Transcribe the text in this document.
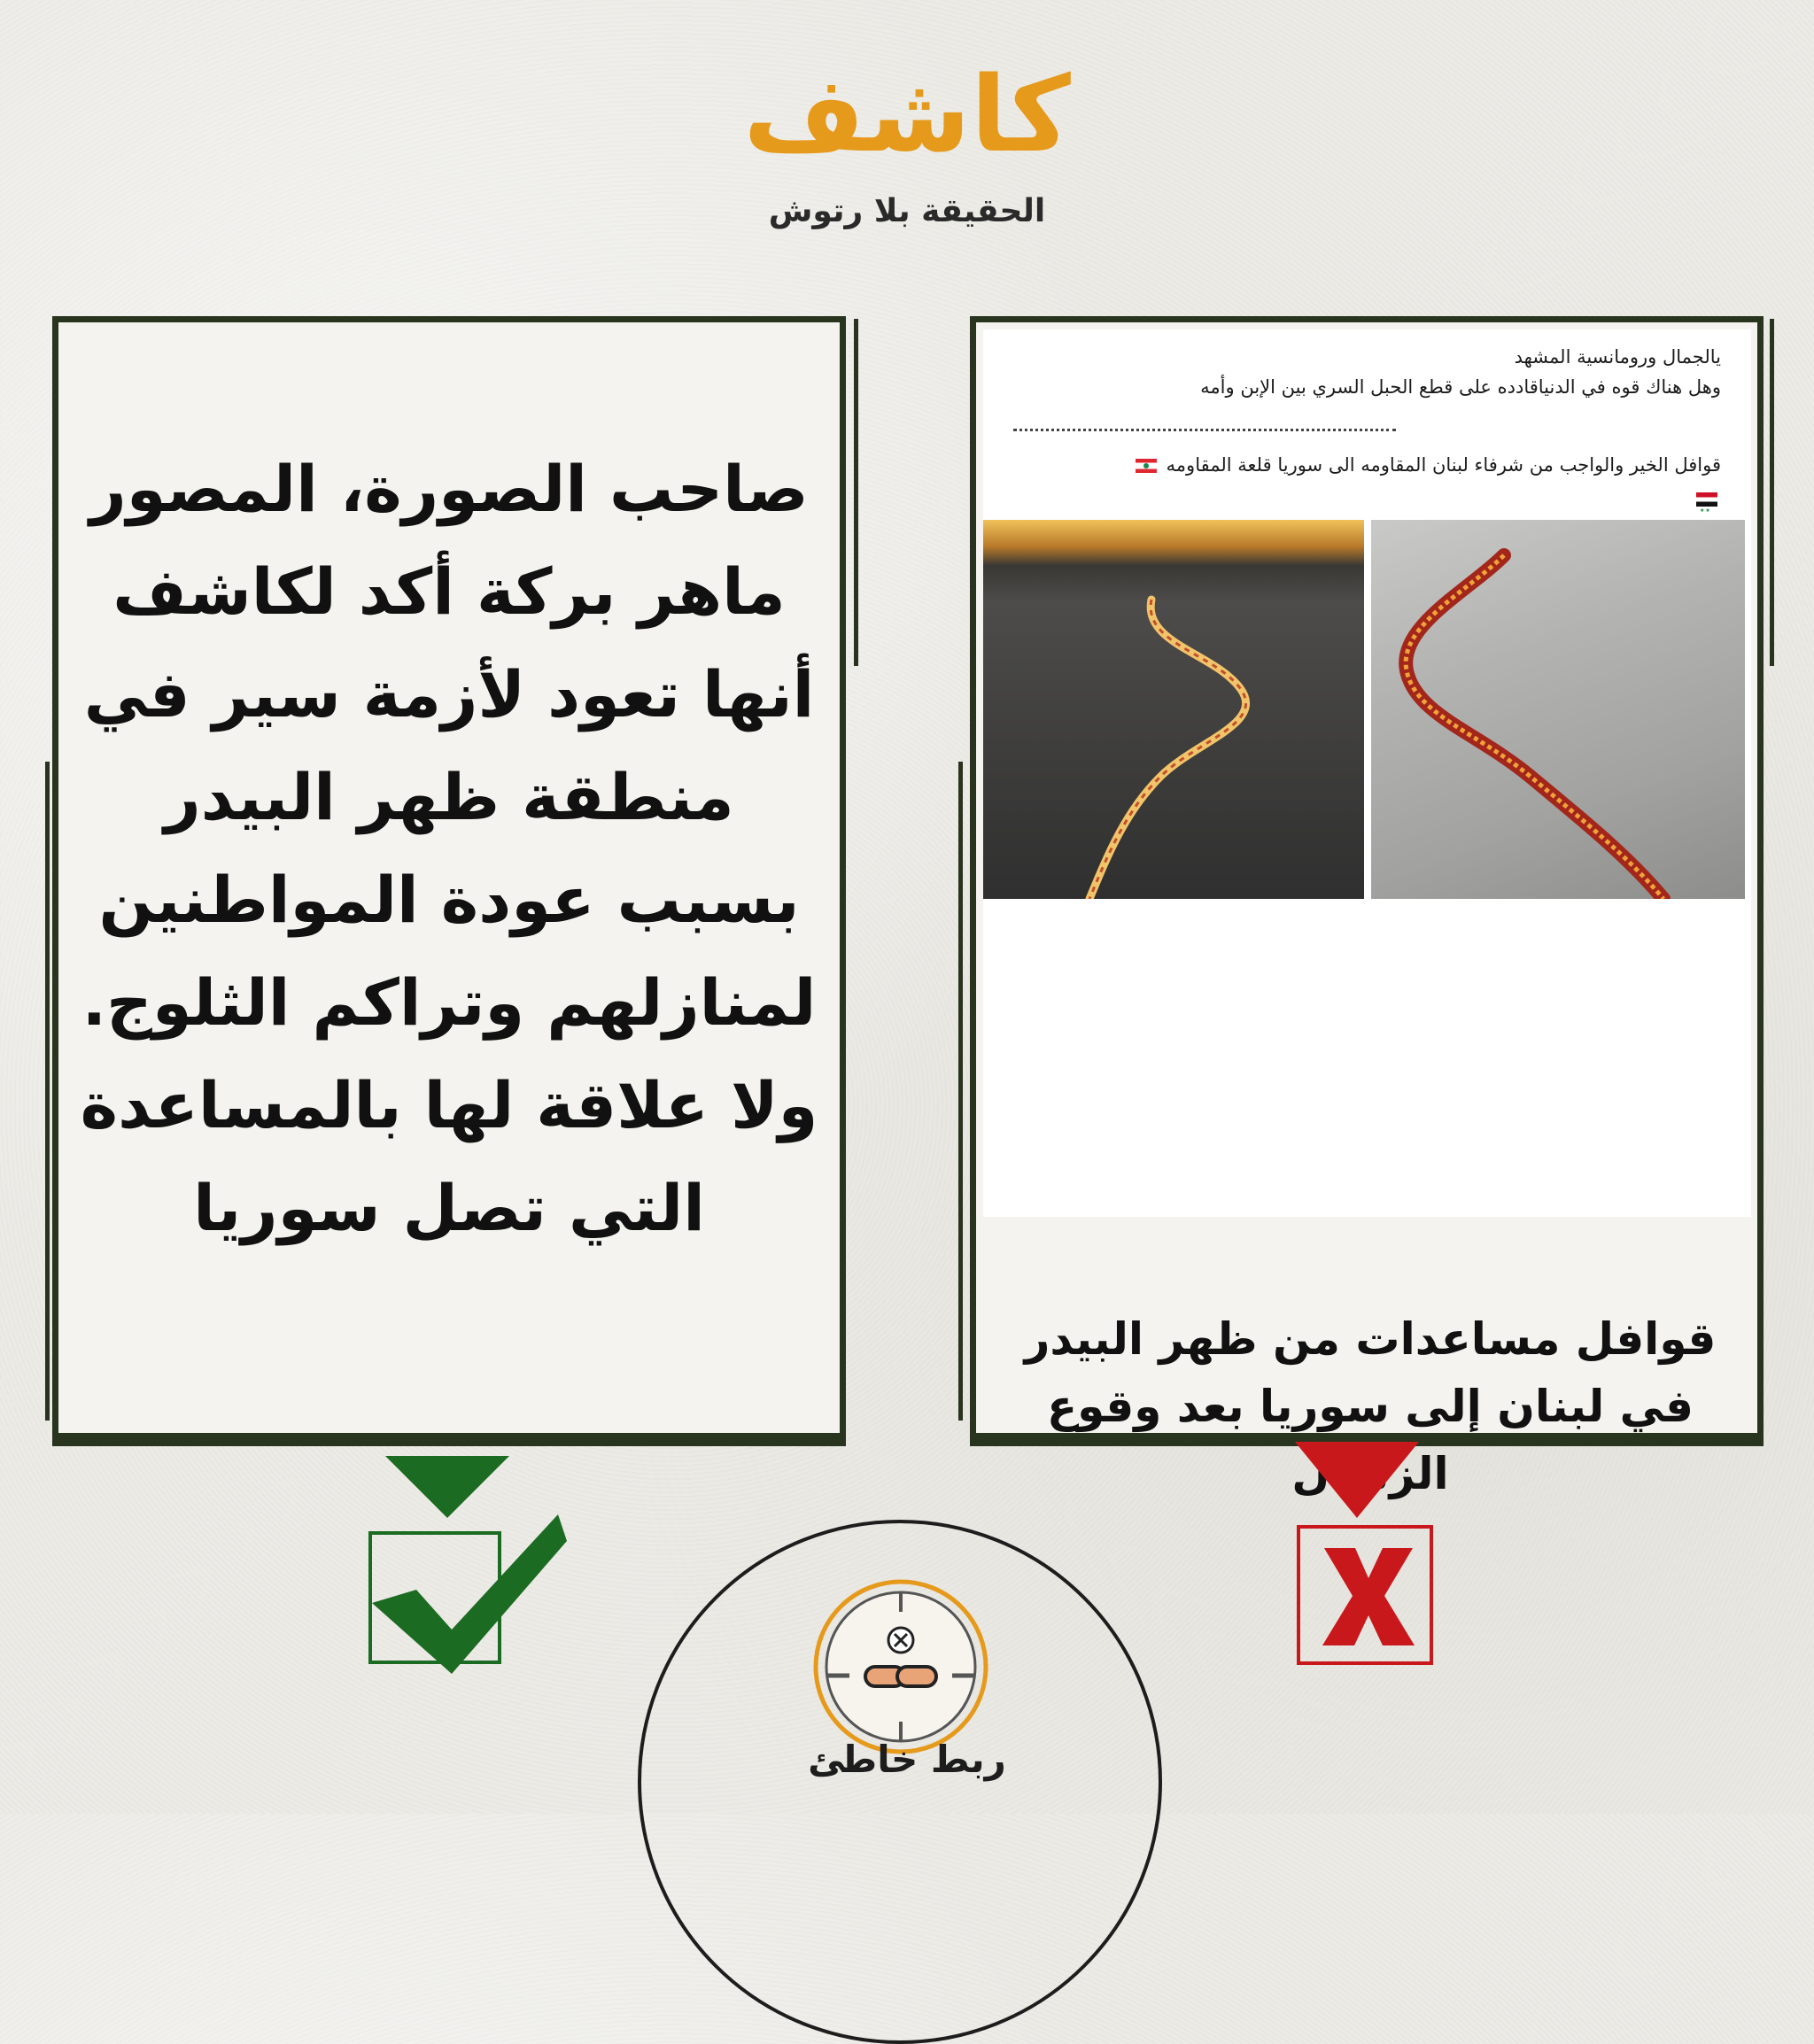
كاشف
الحقيقة بلا رتوش
يالجمال ورومانسية المشهد
وهل هناك قوه في الدنياقادده على قطع الحبل السري بين الإبن وأمه
قوافل الخير والواجب من شرفاء لبنان المقاومه الى سوريا قلعة المقاومه
★★
قوافل مساعدات من ظهر البيدر في لبنان إلى سوريا بعد وقوع الزلزال
صاحب الصورة، المصور ماهر بركة أكد لكاشف أنها تعود لأزمة سير في منطقة ظهر البيدر بسبب عودة المواطنين لمنازلهم وتراكم الثلوج. ولا علاقة لها بالمساعدة التي تصل سوريا
ربط خاطئ
